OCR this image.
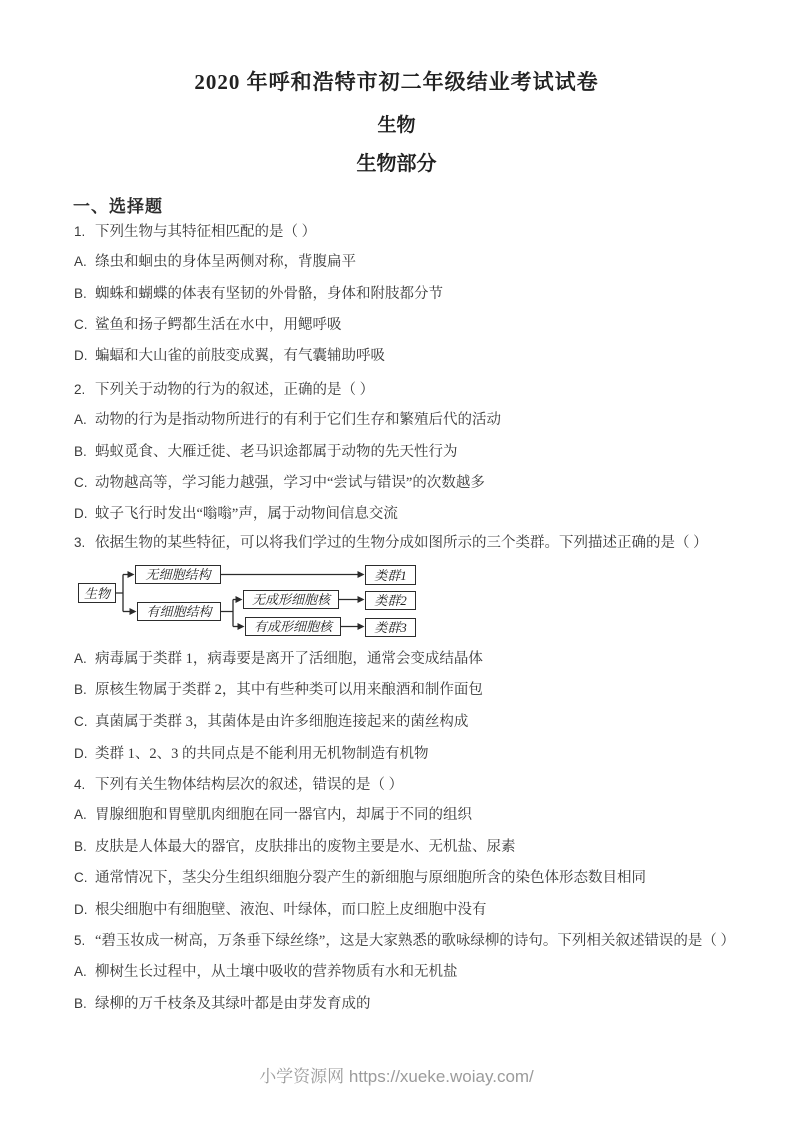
2020 年呼和浩特市初二年级结业考试试卷
生物
生物部分
一、选择题
1. 下列生物与其特征相匹配的是（ ）
A. 绦虫和蛔虫的身体呈两侧对称，背腹扁平
B. 蜘蛛和蝴蝶的体表有坚韧的外骨骼，身体和附肢都分节
C. 鲨鱼和扬子鳄都生活在水中，用鳃呼吸
D. 蝙蝠和大山雀的前肢变成翼，有气囊辅助呼吸
2. 下列关于动物的行为的叙述，正确的是（ ）
A. 动物的行为是指动物所进行的有利于它们生存和繁殖后代的活动
B. 蚂蚁觅食、大雁迁徙、老马识途都属于动物的先天性行为
C. 动物越高等，学习能力越强，学习中“尝试与错误”的次数越多
D. 蚊子飞行时发出“嗡嗡”声，属于动物间信息交流
3. 依据生物的某些特征，可以将我们学过的生物分成如图所示的三个类群。下列描述正确的是（ ）
生物
无细胞结构
有细胞结构
无成形细胞核
有成形细胞核
类群1
类群2
类群3
A. 病毒属于类群 1，病毒要是离开了活细胞，通常会变成结晶体
B. 原核生物属于类群 2，其中有些种类可以用来酿酒和制作面包
C. 真菌属于类群 3，其菌体是由许多细胞连接起来的菌丝构成
D. 类群 1、2、3 的共同点是不能利用无机物制造有机物
4. 下列有关生物体结构层次的叙述，错误的是（ ）
A. 胃腺细胞和胃壁肌肉细胞在同一器官内，却属于不同的组织
B. 皮肤是人体最大的器官，皮肤排出的废物主要是水、无机盐、尿素
C. 通常情况下，茎尖分生组织细胞分裂产生的新细胞与原细胞所含的染色体形态数目相同
D. 根尖细胞中有细胞壁、液泡、叶绿体，而口腔上皮细胞中没有
5. “碧玉妆成一树高，万条垂下绿丝绦”，这是大家熟悉的歌咏绿柳的诗句。下列相关叙述错误的是（ ）
A. 柳树生长过程中，从土壤中吸收的营养物质有水和无机盐
B. 绿柳的万千枝条及其绿叶都是由芽发育成的
小学资源网 https://xueke.woiay.com/
